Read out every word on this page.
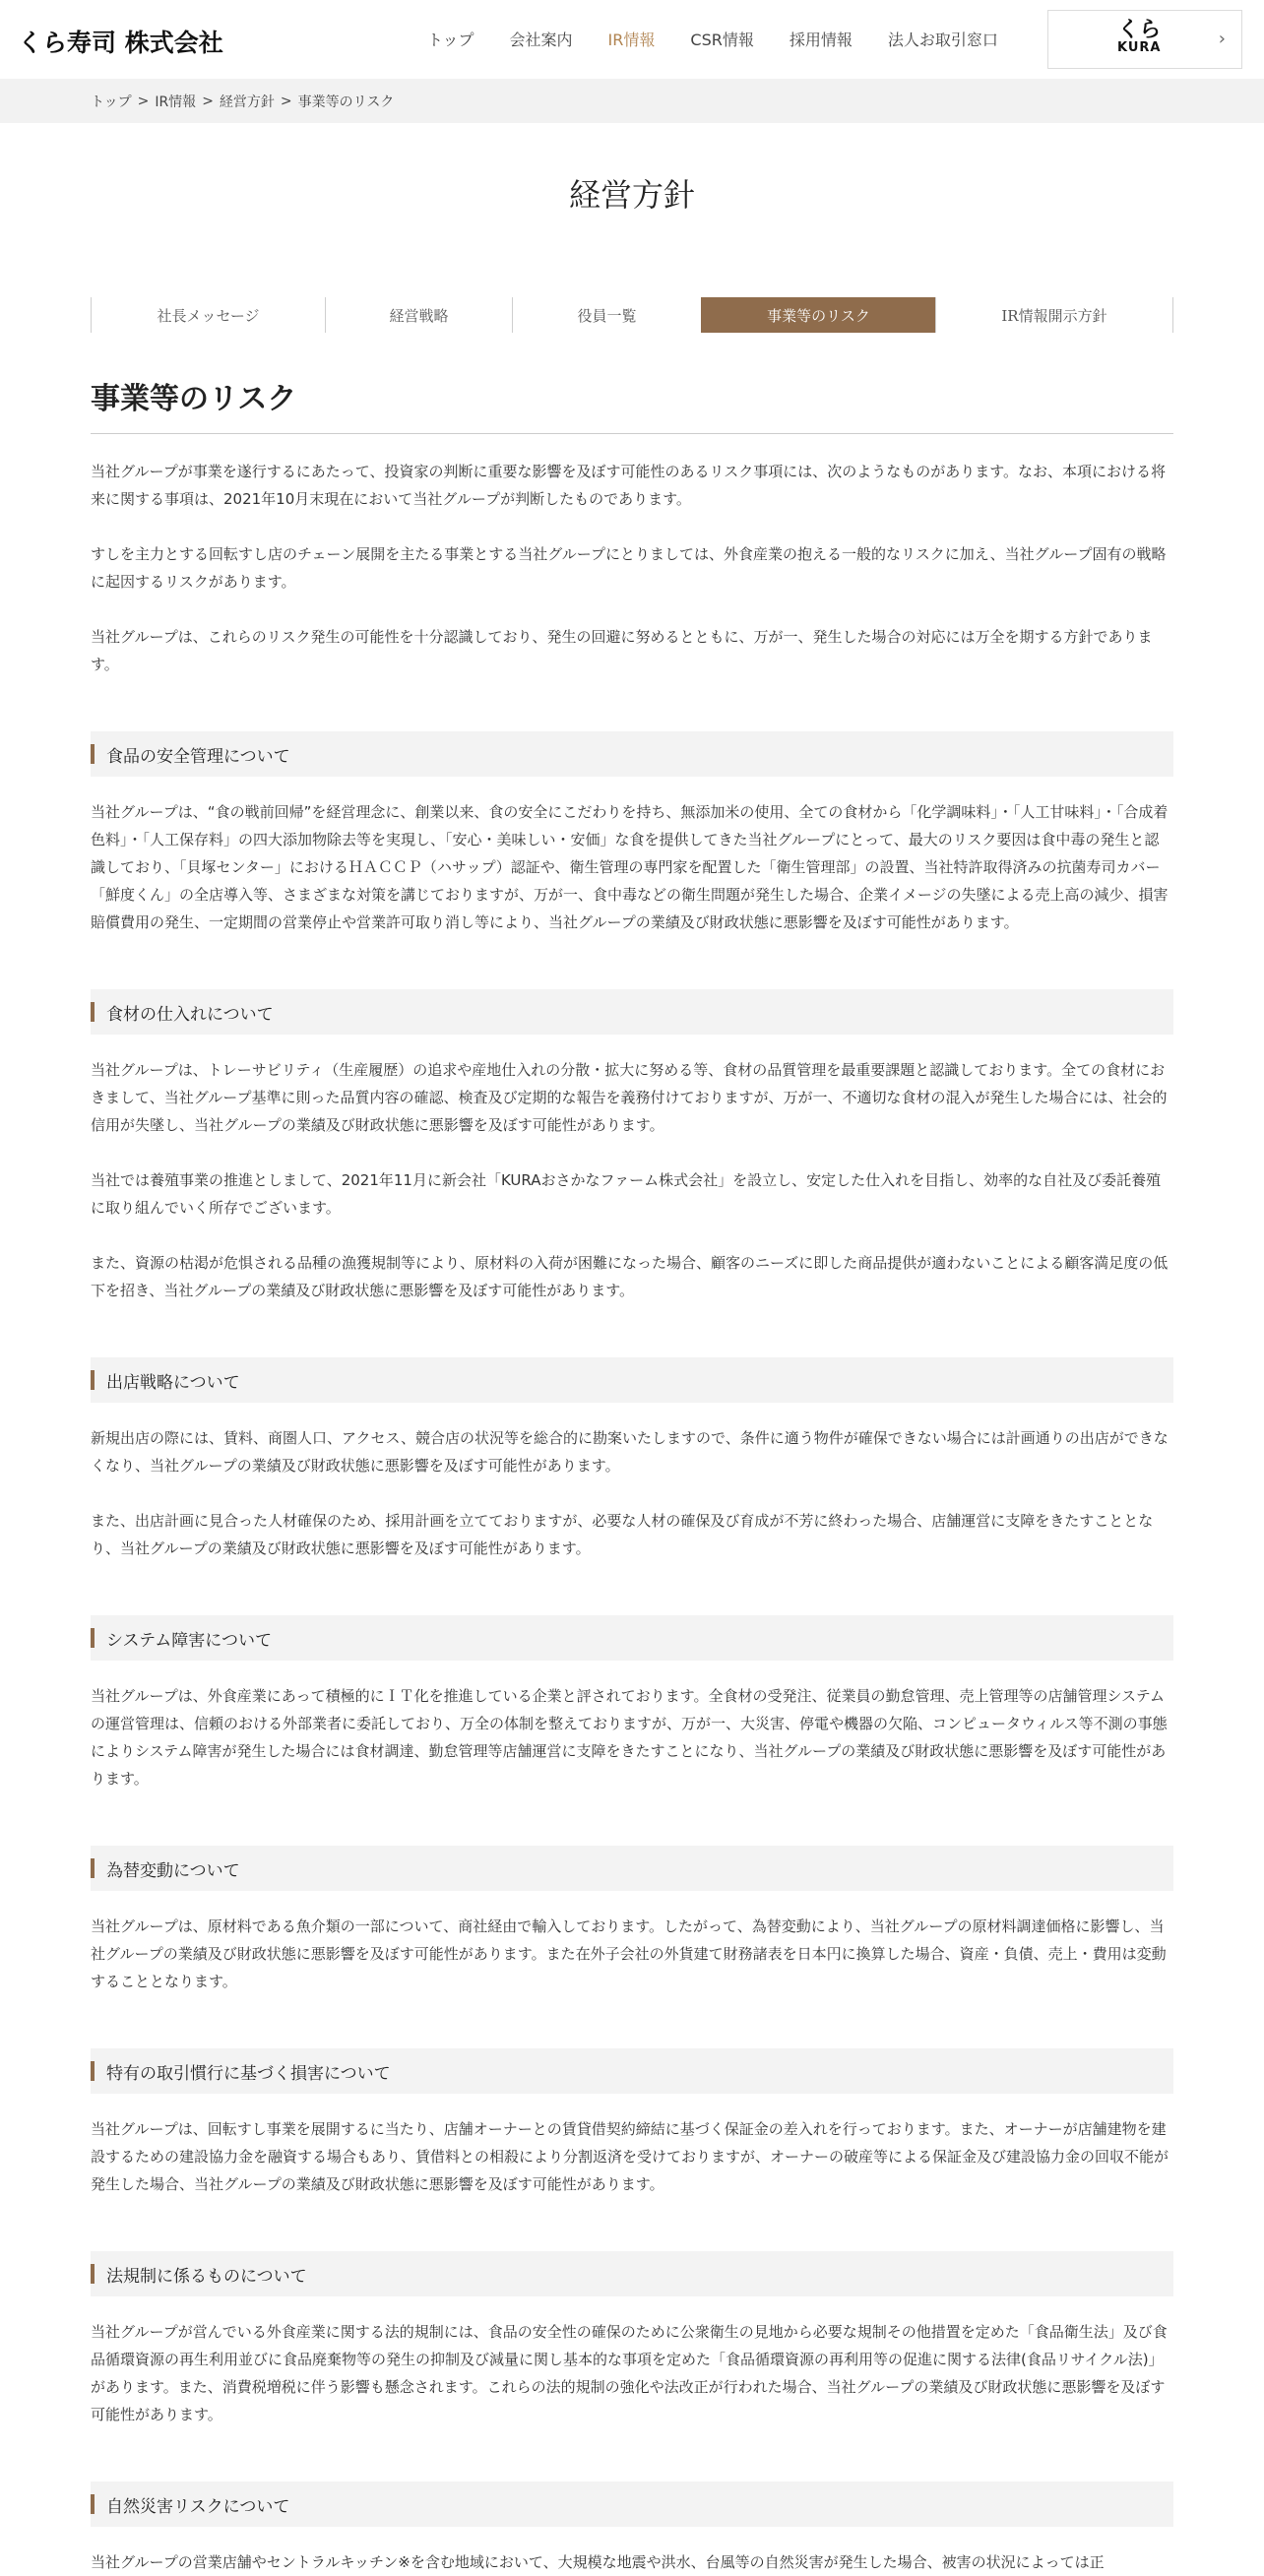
くら寿司 株式会社	トップ 会社案内 IR情報 CSR情報 採用情報 法人お取引窓口	くら
KURA	›
トップ > IR情報 > 経営方針 > 事業等のリスク
経営方針
社長メッセージ	経営戦略	役員一覧	事業等のリスク	IR情報開示方針
事業等のリスク

当社グループが事業を遂行するにあたって、投資家の判断に重要な影響を及ぼす可能性のあるリスク事項には、次のようなものがあります。なお、本項における将来に関する事項は、2021年10月末現在において当社グループが判断したものであります。

すしを主力とする回転すし店のチェーン展開を主たる事業とする当社グループにとりましては、外食産業の抱える一般的なリスクに加え、当社グループ固有の戦略に起因するリスクがあります。

当社グループは、これらのリスク発生の可能性を十分認識しており、発生の回避に努めるとともに、万が一、発生した場合の対応には万全を期する方針であります。

食品の安全管理について

当社グループは、“食の戦前回帰”を経営理念に、創業以来、食の安全にこだわりを持ち、無添加米の使用、全ての食材から「化学調味料」・「人工甘味料」・「合成着色料」・「人工保存料」の四大添加物除去等を実現し、「安心・美味しい・安価」な食を提供してきた当社グループにとって、最大のリスク要因は食中毒の発生と認識しており、「貝塚センター」におけるＨＡＣＣＰ（ハサップ）認証や、衛生管理の専門家を配置した「衛生管理部」の設置、当社特許取得済みの抗菌寿司カバー「鮮度くん」の全店導入等、さまざまな対策を講じておりますが、万が一、食中毒などの衛生問題が発生した場合、企業イメージの失墜による売上高の減少、損害賠償費用の発生、一定期間の営業停止や営業許可取り消し等により、当社グループの業績及び財政状態に悪影響を及ぼす可能性があります。

食材の仕入れについて

当社グループは、トレーサビリティ（生産履歴）の追求や産地仕入れの分散・拡大に努める等、食材の品質管理を最重要課題と認識しております。全ての食材におきまして、当社グループ基準に則った品質内容の確認、検査及び定期的な報告を義務付けておりますが、万が一、不適切な食材の混入が発生した場合には、社会的信用が失墜し、当社グループの業績及び財政状態に悪影響を及ぼす可能性があります。

当社では養殖事業の推進としまして、2021年11月に新会社「KURAおさかなファーム株式会社」を設立し、安定した仕入れを目指し、効率的な自社及び委託養殖に取り組んでいく所存でございます。

また、資源の枯渇が危惧される品種の漁獲規制等により、原材料の入荷が困難になった場合、顧客のニーズに即した商品提供が適わないことによる顧客満足度の低下を招き、当社グループの業績及び財政状態に悪影響を及ぼす可能性があります。

出店戦略について

新規出店の際には、賃料、商圏人口、アクセス、競合店の状況等を総合的に勘案いたしますので、条件に適う物件が確保できない場合には計画通りの出店ができなくなり、当社グループの業績及び財政状態に悪影響を及ぼす可能性があります。

また、出店計画に見合った人材確保のため、採用計画を立てておりますが、必要な人材の確保及び育成が不芳に終わった場合、店舗運営に支障をきたすこととなり、当社グループの業績及び財政状態に悪影響を及ぼす可能性があります。

システム障害について

当社グループは、外食産業にあって積極的にＩＴ化を推進している企業と評されております。全食材の受発注、従業員の勤怠管理、売上管理等の店舗管理システムの運営管理は、信頼のおける外部業者に委託しており、万全の体制を整えておりますが、万が一、大災害、停電や機器の欠陥、コンピュータウィルス等不測の事態によりシステム障害が発生した場合には食材調達、勤怠管理等店舗運営に支障をきたすことになり、当社グループの業績及び財政状態に悪影響を及ぼす可能性があります。

為替変動について

当社グループは、原材料である魚介類の一部について、商社経由で輸入しております。したがって、為替変動により、当社グループの原材料調達価格に影響し、当社グループの業績及び財政状態に悪影響を及ぼす可能性があります。また在外子会社の外貨建て財務諸表を日本円に換算した場合、資産・負債、売上・費用は変動することとなります。

特有の取引慣行に基づく損害について

当社グループは、回転すし事業を展開するに当たり、店舗オーナーとの賃貸借契約締結に基づく保証金の差入れを行っております。また、オーナーが店舗建物を建設するための建設協力金を融資する場合もあり、賃借料との相殺により分割返済を受けておりますが、オーナーの破産等による保証金及び建設協力金の回収不能が発生した場合、当社グループの業績及び財政状態に悪影響を及ぼす可能性があります。

法規制に係るものについて

当社グループが営んでいる外食産業に関する法的規制には、食品の安全性の確保のために公衆衛生の見地から必要な規制その他措置を定めた「食品衛生法」及び食品循環資源の再生利用並びに食品廃棄物等の発生の抑制及び減量に関し基本的な事項を定めた「食品循環資源の再利用等の促進に関する法律(食品リサイクル法)」があります。また、消費税増税に伴う影響も懸念されます。これらの法的規制の強化や法改正が行われた場合、当社グループの業績及び財政状態に悪影響を及ぼす可能性があります。

自然災害リスクについて

当社グループの営業店舗やセントラルキッチン※を含む地域において、大規模な地震や洪水、台風等の自然災害が発生した場合、被害の状況によっては正
